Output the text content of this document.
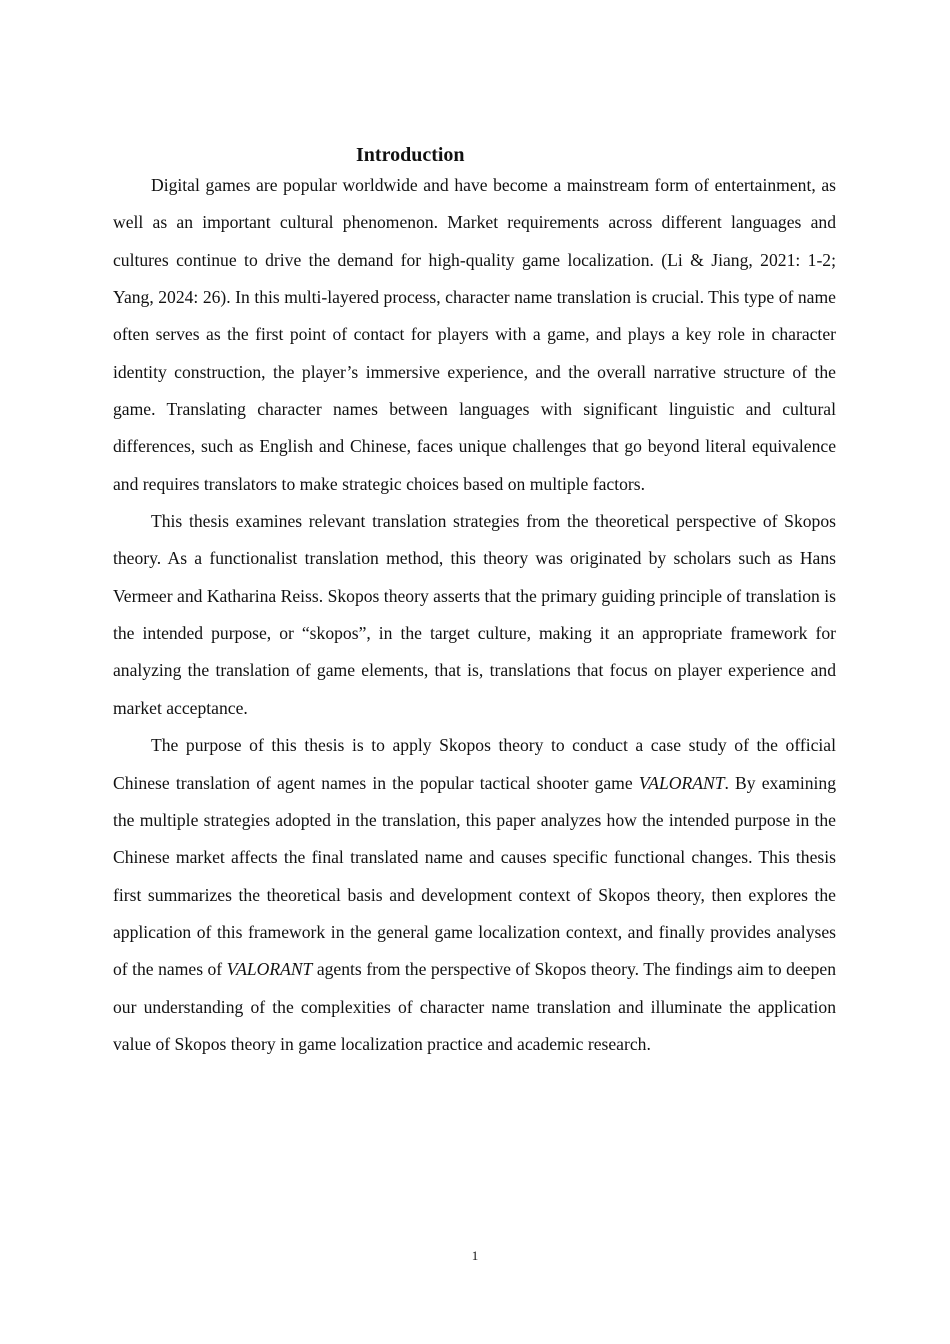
Introduction

Digital games are popular worldwide and have become a mainstream form of entertainment, as well as an important cultural phenomenon. Market requirements across different languages and cultures continue to drive the demand for high-quality game localization. (Li & Jiang, 2021: 1-2; Yang, 2024: 26). In this multi-layered process, character name translation is crucial. This type of name often serves as the first point of contact for players with a game, and plays a key role in character identity construction, the player’s immersive experience, and the overall narrative structure of the game. Translating character names between languages with significant linguistic and cultural differences, such as English and Chinese, faces unique challenges that go beyond literal equivalence and requires translators to make strategic choices based on multiple factors.

This thesis examines relevant translation strategies from the theoretical perspective of Skopos theory. As a functionalist translation method, this theory was originated by scholars such as Hans Vermeer and Katharina Reiss. Skopos theory asserts that the primary guiding principle of translation is the intended purpose, or “skopos”, in the target culture, making it an appropriate framework for analyzing the translation of game elements, that is, translations that focus on player experience and market acceptance.

The purpose of this thesis is to apply Skopos theory to conduct a case study of the official Chinese translation of agent names in the popular tactical shooter game VALORANT. By examining the multiple strategies adopted in the translation, this paper analyzes how the intended purpose in the Chinese market affects the final translated name and causes specific functional changes. This thesis first summarizes the theoretical basis and development context of Skopos theory, then explores the application of this framework in the general game localization context, and finally provides analyses of the names of VALORANT agents from the perspective of Skopos theory. The findings aim to deepen our understanding of the complexities of character name translation and illuminate the application value of Skopos theory in game localization practice and academic research.

1
